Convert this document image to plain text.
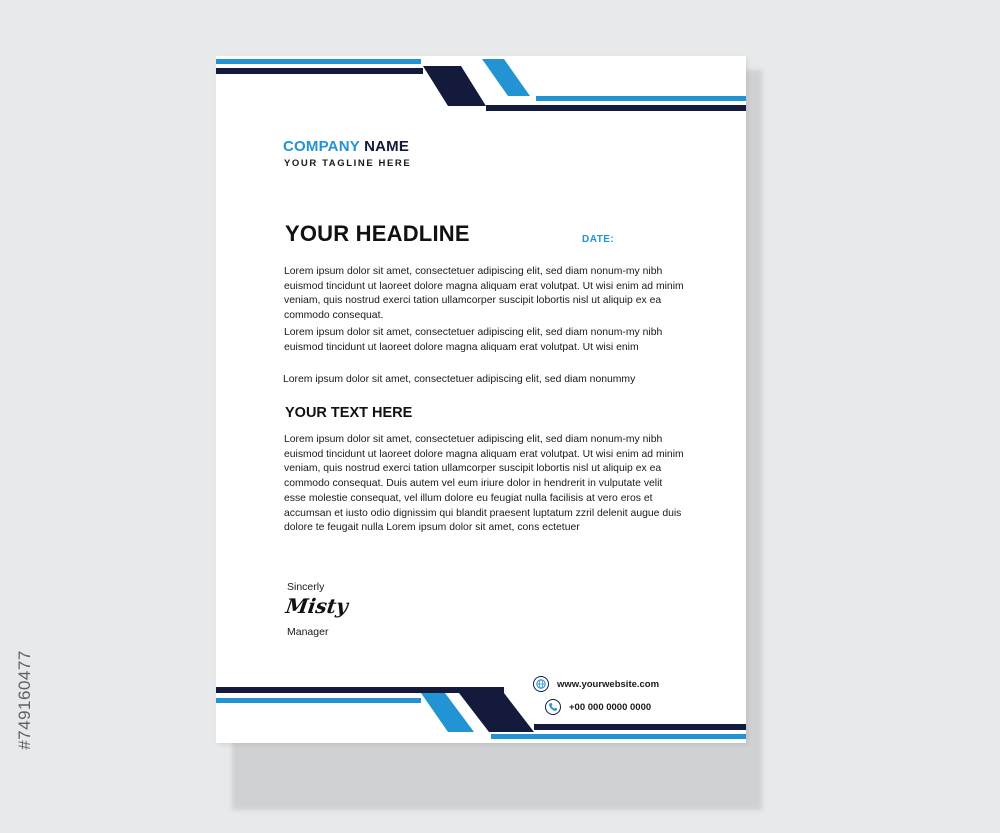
COMPANY NAME
YOUR TAGLINE HERE
YOUR HEADLINE	DATE:

Lorem ipsum dolor sit amet, consectetuer adipiscing elit, sed diam nonum-my nibh euismod tincidunt ut laoreet dolore magna aliquam erat volutpat. Ut wisi enim ad minim veniam, quis nostrud exerci tation ullamcorper suscipit lobortis nisl ut aliquip ex ea commodo consequat.

Lorem ipsum dolor sit amet, consectetuer adipiscing elit, sed diam nonum-my nibh euismod tincidunt ut laoreet dolore magna aliquam erat volutpat. Ut wisi enim

Lorem ipsum dolor sit amet, consectetuer adipiscing elit, sed diam nonummy

YOUR TEXT HERE

Lorem ipsum dolor sit amet, consectetuer adipiscing elit, sed diam nonum-my nibh euismod tincidunt ut laoreet dolore magna aliquam erat volutpat. Ut wisi enim ad minim veniam, quis nostrud exerci tation ullamcorper suscipit lobortis nisl ut aliquip ex ea commodo consequat. Duis autem vel eum iriure dolor in hendrerit in vulputate velit esse molestie consequat, vel illum dolore eu feugiat nulla facilisis at vero eros et accumsan et iusto odio dignissim qui blandit praesent luptatum zzril delenit augue duis dolore te feugait nulla Lorem ipsum dolor sit amet, cons ectetuer

Sincerly
Misty
Manager
www.yourwebsite.com
+00 000 0000 0000
#749160477
